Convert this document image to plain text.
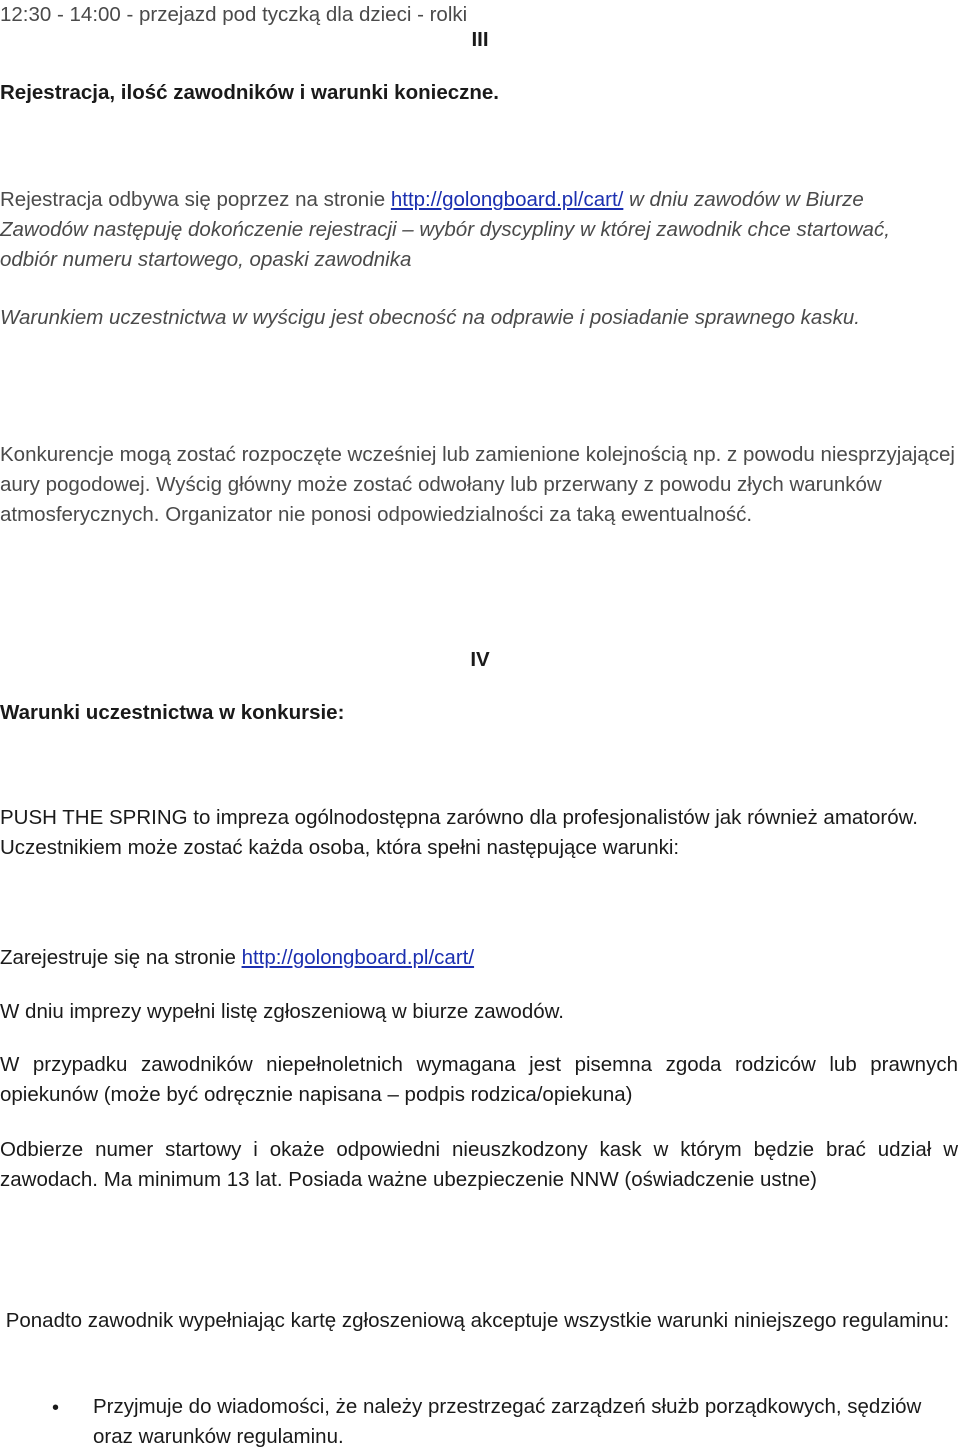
12:30 - 14:00 - przejazd pod tyczką dla dzieci - rolki

III

Rejestracja, ilość zawodników i warunki konieczne.

Rejestracja odbywa się poprzez na stronie http://golongboard.pl/cart/ w dniu zawodów w Biurze Zawodów następuję dokończenie rejestracji – wybór dyscypliny w której zawodnik chce startować, odbiór numeru startowego, opaski zawodnika

Warunkiem uczestnictwa w wyścigu jest obecność na odprawie i posiadanie sprawnego kasku.

Konkurencje mogą zostać rozpoczęte wcześniej lub zamienione kolejnością np. z powodu niesprzyjającej aury pogodowej. Wyścig główny może zostać odwołany lub przerwany z powodu złych warunków atmosferycznych. Organizator nie ponosi odpowiedzialności za taką ewentualność.

IV

Warunki uczestnictwa w konkursie:

PUSH THE SPRING to impreza ogólnodostępna zarówno dla profesjonalistów jak również amatorów. Uczestnikiem może zostać każda osoba, która spełni następujące warunki:

Zarejestruje się na stronie http://golongboard.pl/cart/

W dniu imprezy wypełni listę zgłoszeniową w biurze zawodów.

W przypadku zawodników niepełnoletnich wymagana jest pisemna zgoda rodziców lub prawnych opiekunów (może być odręcznie napisana – podpis rodzica/opiekuna)

Odbierze numer startowy i okaże odpowiedni nieuszkodzony kask w którym będzie brać udział w zawodach. Ma minimum 13 lat. Posiada ważne ubezpieczenie NNW (oświadczenie ustne)

Ponadto zawodnik wypełniając kartę zgłoszeniową akceptuje wszystkie warunki niniejszego regulaminu:

• Przyjmuje do wiadomości, że należy przestrzegać zarządzeń służb porządkowych, sędziów oraz warunków regulaminu.
